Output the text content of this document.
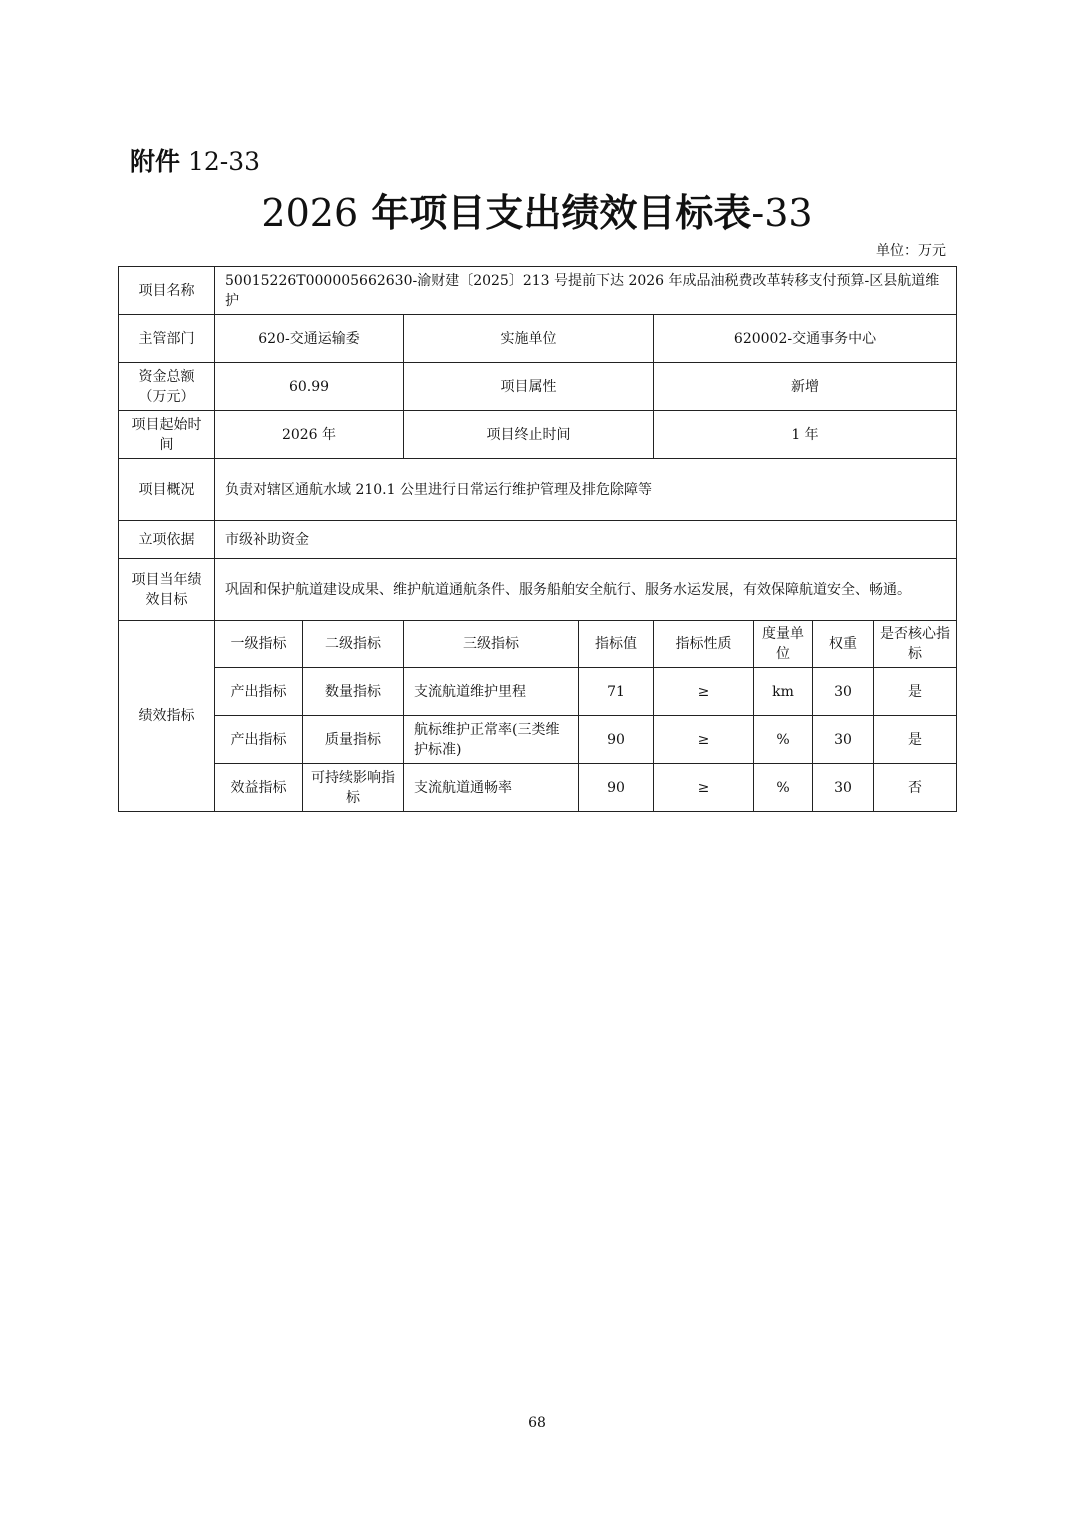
附件 12-33
2026 年项目支出绩效目标表-33
单位：万元
项目名称	50015226T000005662630-渝财建〔2025〕213 号提前下达 2026 年成品油税费改革转移支付预算-区县航道维护							
主管部门	620-交通运输委		实施单位		620002-交通事务中心			
资金总额（万元）	60.99		项目属性		新增			
项目起始时间	2026 年		项目终止时间		1 年			
项目概况	负责对辖区通航水域 210.1 公里进行日常运行维护管理及排危除障等							
立项依据	市级补助资金							
项目当年绩效目标	巩固和保护航道建设成果、维护航道通航条件、服务船舶安全航行、服务水运发展，有效保障航道安全、畅通。							
绩效指标	一级指标	二级指标	三级指标	指标值	指标性质	度量单位	权重	是否核心指标
	产出指标	数量指标	支流航道维护里程	71	≥	km	30	是
	产出指标	质量指标	航标维护正常率(三类维护标准)	90	≥	%	30	是
	效益指标	可持续影响指标	支流航道通畅率	90	≥	%	30	否
68
